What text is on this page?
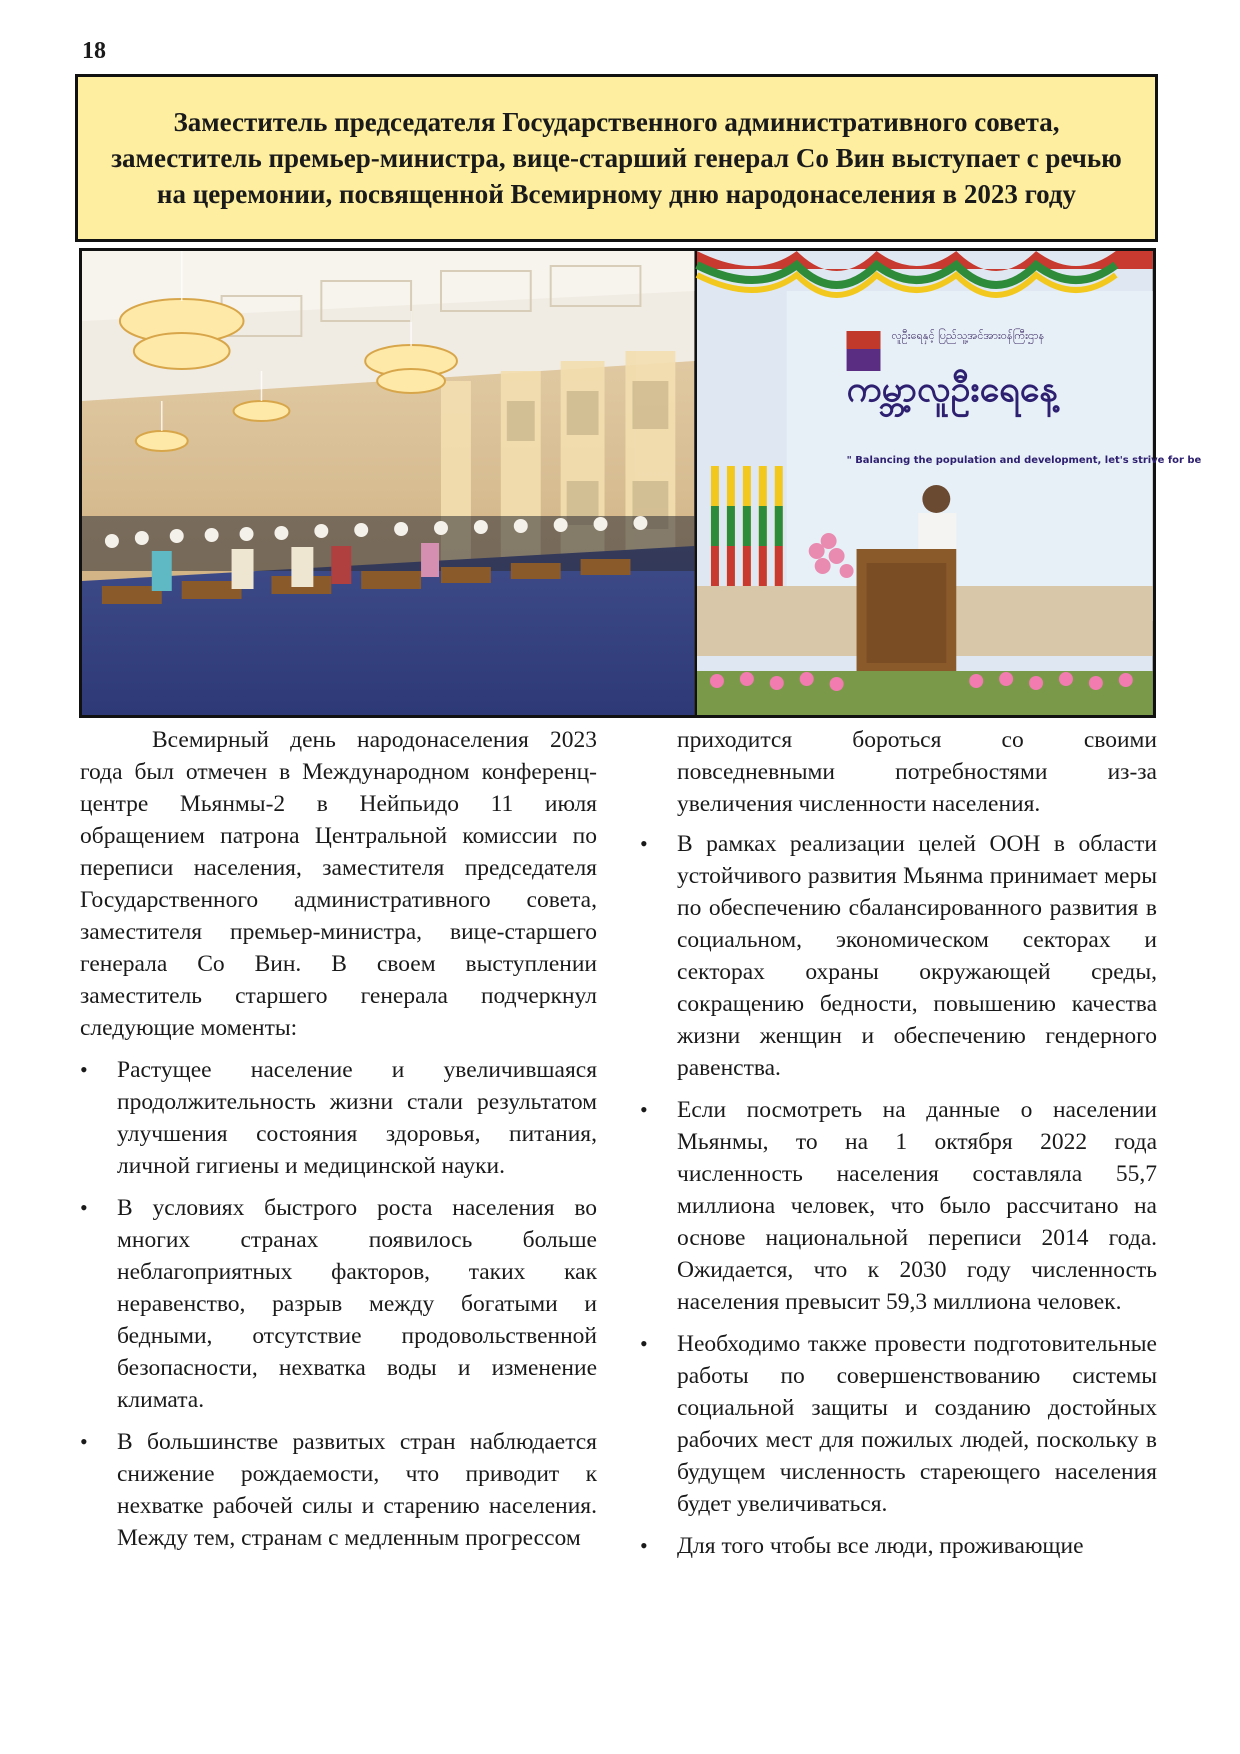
18
Заместитель председателя Государственного административного совета, заместитель премьер-министра, вице-старший генерал Со Вин выступает с речью на церемонии, посвященной Всемирному дню народонаселения в 2023 году
လူဦးရေနှင့် ပြည်သူ့အင်အားဝန်ကြီးဌာန
ကမ္ဘာ့လူဦးရေနေ့
" Balancing the population and development, let's strive for be

Всемирный день народонаселения 2023 года был отмечен в Международном конференц-центре Мьянмы-2 в Нейпьидо 11 июля обращением патрона Центральной комиссии по переписи населения, заместителя председателя Государственного административного совета, заместителя премьер-министра, вице-старшего генерала Со Вин. В своем выступлении заместитель старшего генерала подчеркнул следующие моменты:

• Растущее население и увеличившаяся продолжительность жизни стали результатом улучшения состояния здоровья, питания, личной гигиены и медицинской науки.
• В условиях быстрого роста населения во многих странах появилось больше неблагоприятных факторов, таких как неравенство, разрыв между богатыми и бедными, отсутствие продовольственной безопасности, нехватка воды и изменение климата.
• В большинстве развитых стран наблюдается снижение рождаемости, что приводит к нехватке рабочей силы и старению населения. Между тем, странам с медленным прогрессом

приходится бороться со своими повседневными потребностями из-за увеличения численности населения.

• В рамках реализации целей ООН в области устойчивого развития Мьянма принимает меры по обеспечению сбалансированного развития в социальном, экономическом секторах и секторах охраны окружающей среды, сокращению бедности, повышению качества жизни женщин и обеспечению гендерного равенства.
• Если посмотреть на данные о населении Мьянмы, то на 1 октября 2022 года численность населения составляла 55,7 миллиона человек, что было рассчитано на основе национальной переписи 2014 года. Ожидается, что к 2030 году численность населения превысит 59,3 миллиона человек.
• Необходимо также провести подготовительные работы по совершенствованию системы социальной защиты и созданию достойных рабочих мест для пожилых людей, поскольку в будущем численность стареющего населения будет увеличиваться.
• Для того чтобы все люди, проживающие
